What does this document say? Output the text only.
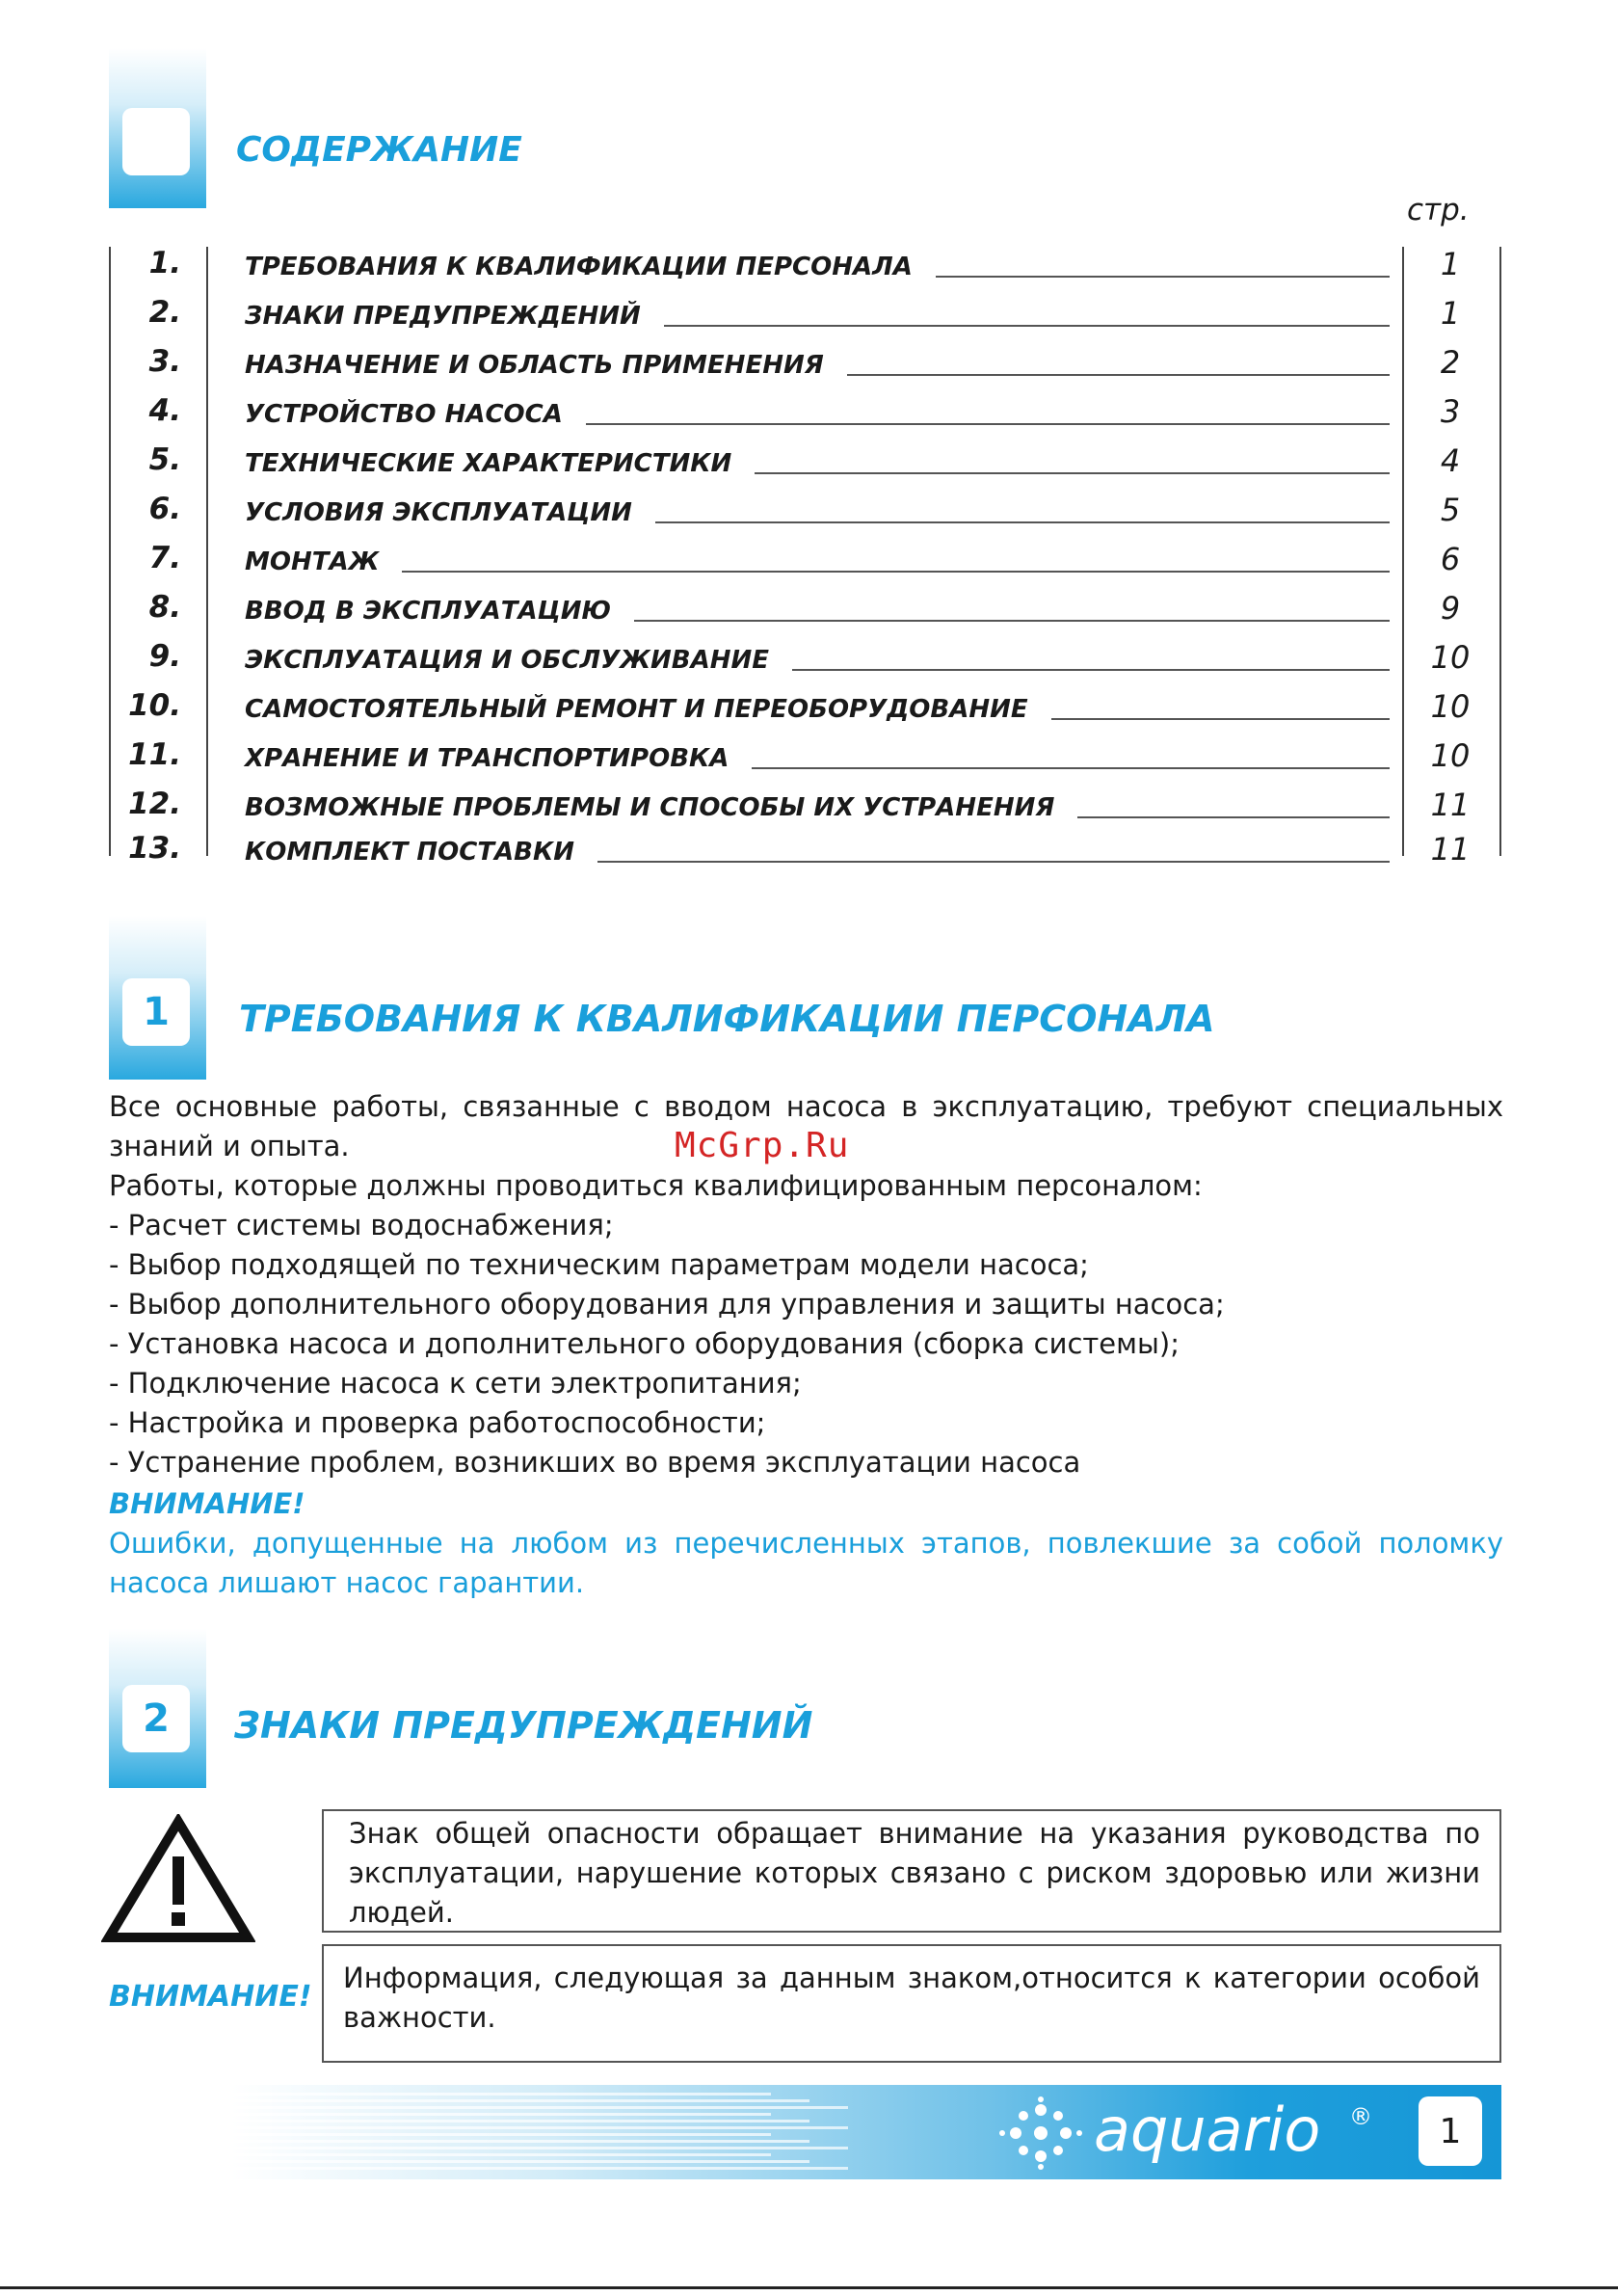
СОДЕРЖАНИЕ
стр.
1.	ТРЕБОВАНИЯ К КВАЛИФИКАЦИИ ПЕРСОНАЛА	1
2.	ЗНАКИ ПРЕДУПРЕЖДЕНИЙ	1
3.	НАЗНАЧЕНИЕ И ОБЛАСТЬ ПРИМЕНЕНИЯ	2
4.	УСТРОЙСТВО НАСОСА	3
5.	ТЕХНИЧЕСКИЕ ХАРАКТЕРИСТИКИ	4
6.	УСЛОВИЯ ЭКСПЛУАТАЦИИ	5
7.	МОНТАЖ	6
8.	ВВОД В ЭКСПЛУАТАЦИЮ	9
9.	ЭКСПЛУАТАЦИЯ И ОБСЛУЖИВАНИЕ	10
10.	САМОСТОЯТЕЛЬНЫЙ РЕМОНТ И ПЕРЕОБОРУДОВАНИЕ	10
11.	ХРАНЕНИЕ И ТРАНСПОРТИРОВКА	10
12.	ВОЗМОЖНЫЕ ПРОБЛЕМЫ И СПОСОБЫ ИХ УСТРАНЕНИЯ	11
13.	КОМПЛЕКТ ПОСТАВКИ	11
1	ТРЕБОВАНИЯ К КВАЛИФИКАЦИИ ПЕРСОНАЛА

Все основные работы, связанные с вводом насоса в эксплуатацию, требуют специальных знаний и опыта.

Работы, которые должны проводиться квалифицированным персоналом:

- Расчет системы водоснабжения;

- Выбор подходящей по техническим параметрам модели насоса;

- Выбор дополнительного оборудования для управления и защиты насоса;

- Установка насоса и дополнительного оборудования (сборка системы);

- Подключение насоса к сети электропитания;

- Настройка и проверка работоспособности;

- Устранение проблем, возникших во время эксплуатации насоса

ВНИМАНИЕ!

Ошибки, допущенные на любом из перечисленных этапов, повлекшие за собой поломку насоса лишают насос гарантии.

McGrp.Ru
2	ЗНАКИ ПРЕДУПРЕЖДЕНИЙ
Знак общей опасности обращает внимание на указания руководства по эксплуатации, нарушение которых связано с риском здоровью или жизни людей.
ВНИМАНИЕ!
Информация, следующая за данным знаком,относится к категории особой важности.
aquario ®	1
